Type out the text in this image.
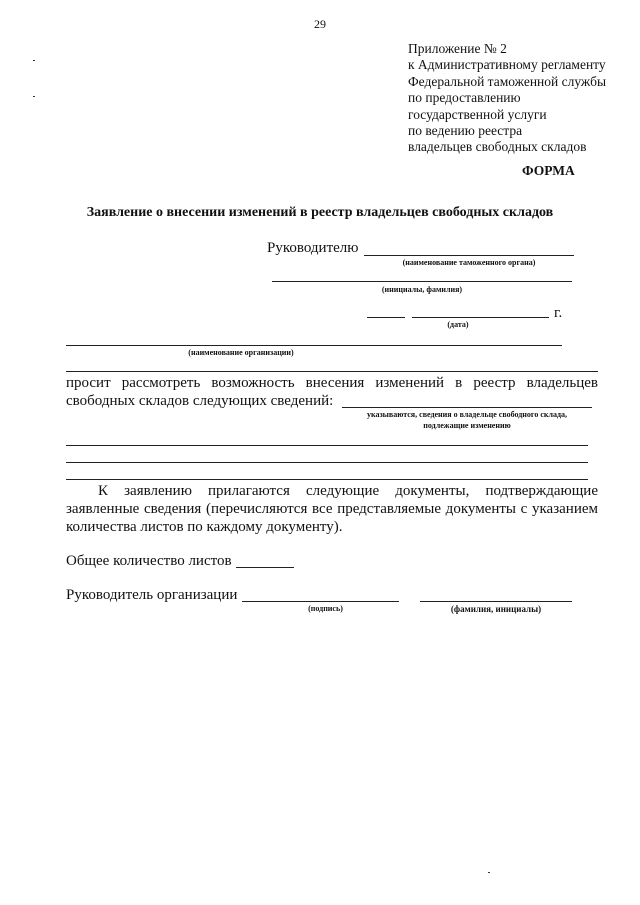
29
Приложение № 2
к Административному регламенту
Федеральной таможенной службы
по предоставлению
государственной услуги
по ведению реестра
владельцев свободных складов
ФОРМА
Заявление о внесении изменений в реестр владельцев свободных складов
Руководителю
(наименование таможенного органа)
(инициалы, фамилия)
г.
(дата)
(наименование организации)
просит рассмотреть возможность внесения изменений в реестр владельцев
свободных складов следующих сведений:
указываются, сведения о владельце свободного склада,
подлежащие изменению
К заявлению прилагаются следующие документы, подтверждающие
заявленные сведения (перечисляются все представляемые документы с указанием
количества листов по каждому документу).
Общее количество листов
Руководитель организации
(подпись)	(фамилия, инициалы)
